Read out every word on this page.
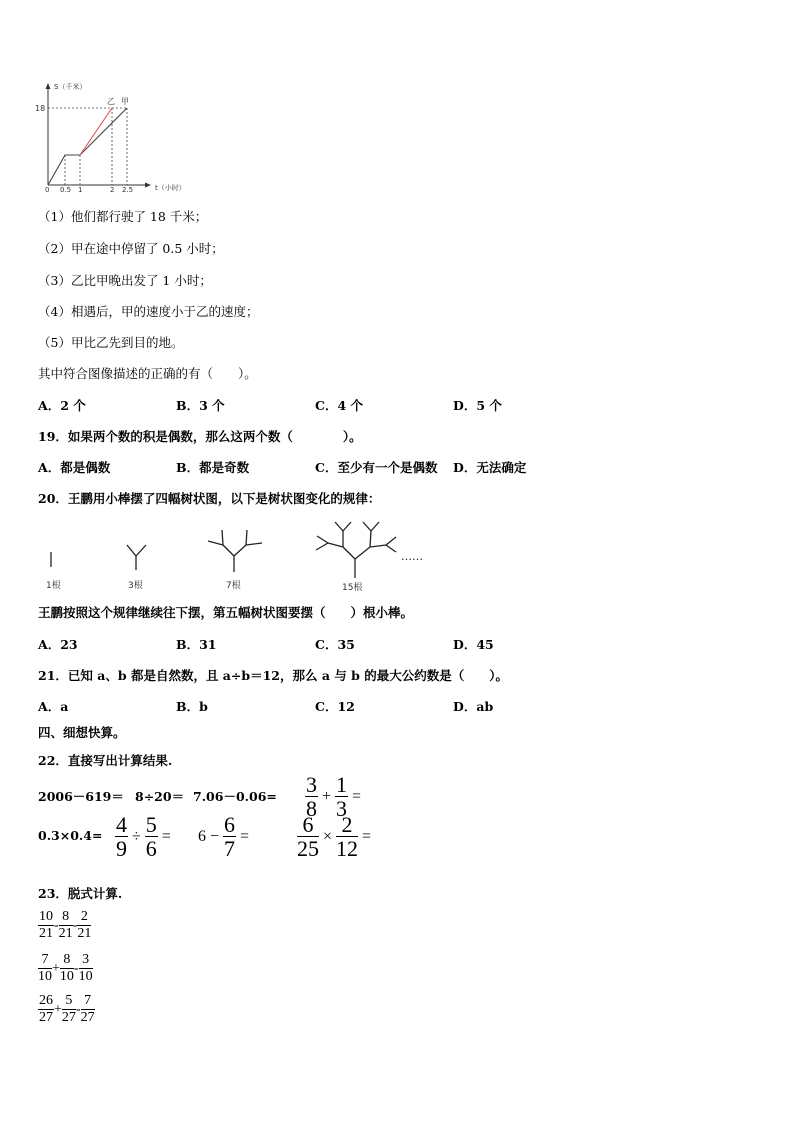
S（千米）
t（小时）
18
乙 甲
0 0.5 1	2 2.5
（1）他们都行驶了 18 千米；
（2）甲在途中停留了 0.5 小时；
（3）乙比甲晚出发了 1 小时；
（4）相遇后，甲的速度小于乙的速度；
（5）甲比乙先到目的地。
其中符合图像描述的正确的有（　　）。
A．2 个	B．3 个	C．4 个	D．5 个
19．如果两个数的积是偶数，那么这两个数（　　　　）。
A．都是偶数	B．都是奇数	C．至少有一个是偶数 D．无法确定
20．王鹏用小棒摆了四幅树状图，以下是树状图变化的规律：
1根	3根	7根	15根
……
王鹏按照这个规律继续往下摆，第五幅树状图要摆（　　）根小棒。
A．23	B．31	C．35	D．45
21．已知 a、b 都是自然数，且 a÷b＝12，那么 a 与 b 的最大公约数是（　　）。
A．a	B．b	C．12	D．ab
四、细想快算。
22．直接写出计算结果.
$2006-619= 8\div 20= 7.06-0.06= \frac{3}{8} + \frac{1}{3}$ =
$0.3\times 0.4= \frac{4}{9} \div \frac{5}{6} = 6 - \frac{6}{7} = \frac{6}{25} \times \frac{2}{12}$ =
23．脱式计算.
$\frac{10}{21} - \frac{8}{21} - \frac{2}{21}$
$\frac{7}{10} + \frac{8}{10} - \frac{3}{10}$
$\frac{26}{27} + \frac{5}{27} - \frac{7}{27}$
